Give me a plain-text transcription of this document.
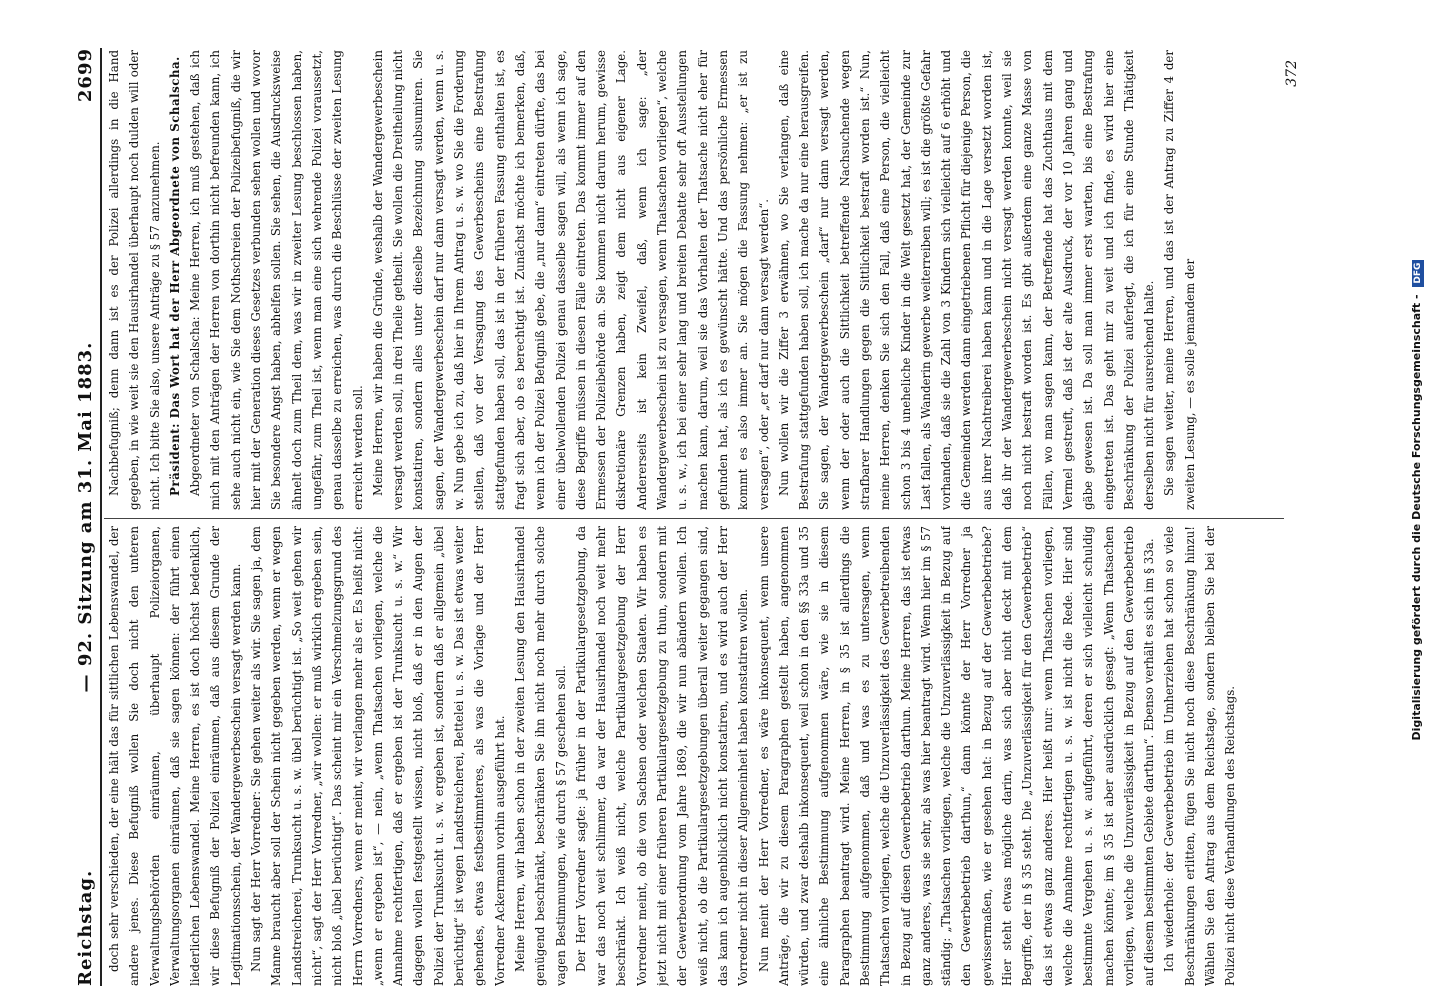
Reichstag.
— 92. Sitzung am 31. Mai 1883.
2699

doch sehr verschieden, der eine hält das für sittlichen Lebenswandel, der andere jenes. Diese Befugniß wollen Sie doch nicht den unteren Verwaltungsbehörden einräumen, überhaupt Polizeiorganen, Verwaltungsorganen einräumen, daß sie sagen können: der führt einen liederlichen Lebenswandel. Meine Herren, es ist doch höchst bedenklich, wir diese Befugniß der Polizei einräumen, daß aus diesem Grunde der Legitimationsschein, der Wandergewerbeschein versagt werden kann. Nun sagt der Herr Vorredner: Sie gehen weiter als wir. Sie sagen ja, dem Manne braucht aber soll der Schein nicht gegeben werden, wenn er wegen Landstreicherei, Trunksucht u. s. w. übel berüchtigt ist. „So weit gehen wir nicht“, sagt der Herr Vorredner, „wir wollen: er muß wirklich ergeben sein, nicht bloß „übel berüchtigt“. Das scheint mir ein Verschmelzungsgrund des Herrn Vorredners, wenn er meint, wir verlangen mehr als er. Es heißt nicht: „wenn er ergeben ist“, — nein, „wenn Thatsachen vorliegen, welche die Annahme rechtfertigen, daß er ergeben ist der Trunksucht u. s. w.“ Wir dagegen wollen festgestellt wissen, nicht bloß, daß er in den Augen der Polizei der Trunksucht u. s. w. ergeben ist, sondern daß er allgemein „übel berüchtigt“ ist wegen Landstreicherei, Bettelei u. s. w. Das ist etwas weiter gehendes, etwas festbestimmteres, als was die Vorlage und der Herr Vorredner Ackermann vorhin ausgeführt hat. Meine Herren, wir haben schon in der zweiten Lesung den Hausirhandel genügend beschränkt, beschränken Sie ihn nicht noch mehr durch solche vagen Bestimmungen, wie durch § 57 geschehen soll. Der Herr Vorredner sagte: ja früher in der Partikulargesetzgebung, da war das noch weit schlimmer, da war der Hausirhandel noch weit mehr beschränkt. Ich weiß nicht, welche Partikulargesetzgebung der Herr Vorredner meint, ob die von Sachsen oder welchen Staaten. Wir haben es jetzt nicht mit einer früheren Partikulargesetzgebung zu thun, sondern mit der Gewerbeordnung vom Jahre 1869, die wir nun abändern wollen. Ich weiß nicht, ob die Partikulargesetzgebungen überall weiter gegangen sind, das kann ich augenblicklich nicht konstatiren, und es wird auch der Herr Vorredner nicht in dieser Allgemeinheit haben konstatiren wollen. Nun meint der Herr Vorredner, es wäre inkonsequent, wenn unsere Anträge, die wir zu diesem Paragraphen gestellt haben, angenommen würden, und zwar deshalb inkonsequent, weil schon in den §§ 33a und 35 eine ähnliche Bestimmung aufgenommen wäre, wie sie in diesem Paragraphen beantragt wird. Meine Herren, in § 35 ist allerdings die Bestimmung aufgenommen, daß und was es zu untersagen, wenn Thatsachen vorliegen, welche die Unzuverlässigkeit des Gewerbetreibenden in Bezug auf diesen Gewerbebetrieb darthun. Meine Herren, das ist etwas ganz anderes, was sie sehr, als was hier beantragt wird. Wenn hier im § 57 ständig: „Thatsachen vorliegen, welche die Unzuverlässigkeit in Bezug auf den Gewerbebetrieb darthun,“ dann könnte der Herr Vorredner ja gewissermaßen, wie er gesehen hat: in Bezug auf der Gewerbebetriebe? Hier steht etwas mögliche darin, was sich aber nicht deckt mit dem Begriffe, der in § 35 steht. Die „Unzuverlässigkeit für den Gewerbebetrieb“ das ist etwas ganz anderes. Hier heißt nur: wenn Thatsachen vorliegen, welche die Annahme rechtfertigen u. s. w. ist nicht die Rede. Hier sind bestimmte Vergehen u. s. w. aufgeführt, deren er sich vielleicht schuldig machen könnte; im § 35 ist aber ausdrücklich gesagt: „Wenn Thatsachen vorliegen, welche die Unzuverlässigkeit in Bezug auf den Gewerbebetrieb auf diesem bestimmten Gebiete darthun“. Ebenso verhält es sich im § 33a. Ich wiederhole: der Gewerbebetrieb im Umherziehen hat schon so viele Beschränkungen erlitten, fügen Sie nicht noch diese Beschränkung hinzu! Wählen Sie den Antrag aus dem Reichstage, sondern bleiben Sie bei der Polizei nicht diese Verhandlungen des Reichstags.

Nachbefugniß; denn dann ist es der Polizei allerdings in die Hand gegeben, in wie weit sie den Hausirhandel überhaupt noch dulden will oder nicht. Ich bitte Sie also, unsere Anträge zu § 57 anzunehmen. Präsident: Das Wort hat der Herr Abgeordnete von Schalscha. Abgeordneter von Schalscha: Meine Herren, ich muß gestehen, daß ich mich mit den Anträgen der Herren von dorthin nicht befreunden kann, ich sehe auch nicht ein, wie Sie dem Nothschreien der Polizeibefugniß, die wir hier mit der Generation dieses Gesetzes verbunden sehen wollen und wovor Sie besondere Angst haben, abhelfen sollen. Sie sehen, die Ausdrucksweise ähnelt doch zum Theil dem, was wir in zweiter Lesung beschlossen haben, ungefähr, zum Theil ist, wenn man eine sich wehrende Polizei voraussetzt, genau dasselbe zu erreichen, was durch die Beschlüsse der zweiten Lesung erreicht werden soll. Meine Herren, wir haben die Gründe, weshalb der Wandergewerbeschein versagt werden soll, in drei Theile getheilt. Sie wollen die Dreitheilung nicht konstatiren, sondern alles unter dieselbe Bezeichnung subsumiren. Sie sagen, der Wandergewerbeschein darf nur dann versagt werden, wenn u. s. w. Nun gebe ich zu, daß hier in Ihrem Antrag u. s. w. wo Sie die Forderung stellen, daß vor der Versagung des Gewerbescheins eine Bestrafung stattgefunden haben soll, das ist in der früheren Fassung enthalten ist, es fragt sich aber, ob es berechtigt ist. Zunächst möchte ich bemerken, daß, wenn ich der Polizei Befugniß gebe, die „nur dann“ eintreten dürfte, das bei einer übelwollenden Polizei genau dasselbe sagen will, als wenn ich sage, diese Begriffe müssen in diesen Fälle eintreten. Das kommt immer auf den Ermessen der Polizeibehörde an. Sie kommen nicht darum herum, gewisse diskretionäre Grenzen haben, zeigt dem nicht aus eigener Lage. Andererseits ist kein Zweifel, daß, wenn ich sage: „der Wandergewerbeschein ist zu versagen, wenn Thatsachen vorliegen“, welche u. s. w., ich bei einer sehr lang und breiten Debatte sehr oft Ausstellungen machen kann, darum, weil sie das Vorhalten der Thatsache nicht eher für gefunden hat, als ich es gewünscht hätte. Und das persönliche Ermessen kommt es also immer an. Sie mögen die Fassung nehmen: „er ist zu versagen“, oder „er darf nur dann versagt werden“. Nun wollen wir die Ziffer 3 erwähnen, wo Sie verlangen, daß eine Bestrafung stattgefunden haben soll, ich mache da nur eine herausgreifen. Sie sagen, der Wandergewerbeschein „darf“ nur dann versagt werden, wenn der oder auch die Sittlichkeit betreffende Nachsuchende wegen strafbarer Handlungen gegen die Sittlichkeit bestraft worden ist.“ Nun, meine Herren, denken Sie sich den Fall, daß eine Person, die vielleicht schon 3 bis 4 uneheliche Kinder in die Welt gesetzt hat, der Gemeinde zur Last fallen, als Wanderin gewerbe weiterreiben will; es ist die größte Gefahr vorhanden, daß sie die Zahl von 3 Kindern sich vielleicht auf 6 erhöht und die Gemeinden werden dann eingetriebenen Pflicht für diejenige Person, die aus ihrer Nachtreiberei haben kann und in die Lage versetzt worden ist, daß ihr der Wandergewerbeschein nicht versagt werden konnte, weil sie noch nicht bestraft worden ist. Es gibt außerdem eine ganze Masse von Fällen, wo man sagen kann, der Betreffende hat das Zuchthaus mit dem Vermel gestreift, daß ist der alte Ausdruck, der vor 10 Jahren gang und gäbe gewesen ist. Da soll man immer erst warten, bis eine Bestrafung eingetreten ist. Das geht mir zu weit und ich finde, es wird hier eine Beschränkung der Polizei auferlegt, die ich für eine Stunde Thätigkeit derselben nicht für ausreichend halte. Sie sagen weiter, meine Herren, und das ist der Antrag zu Ziffer 4 der zweiten Lesung, — es solle jemandem der

372
Digitalisierung gefördert durch die Deutsche Forschungsgemeinschaft - DFG
